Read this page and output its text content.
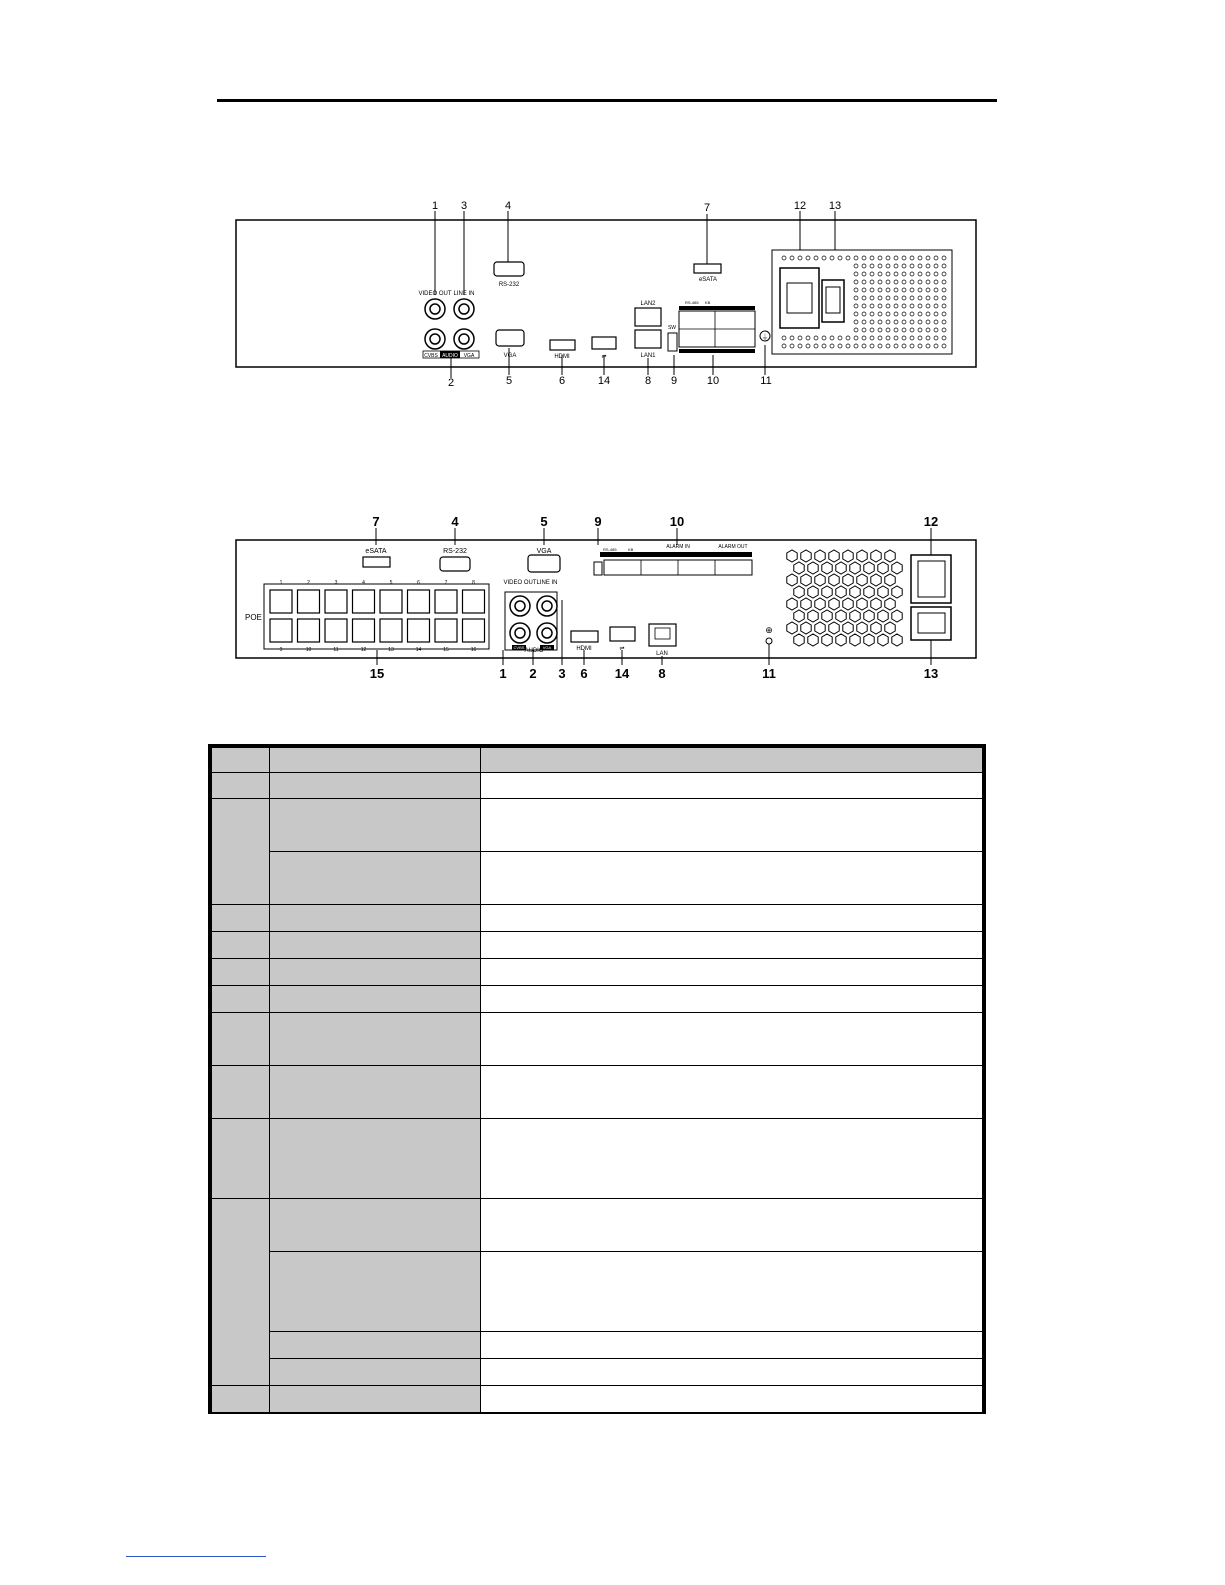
1 3	4	7	12 13
2	5	6	14	8 9	10	11
VIDEO OUT LINE IN
CVBS AUDIO VGA
RS-232
VGA	HDMI	⇌
eSATA
LAN2
LAN1
SW
RS-485 KB
⏚
7	4	5	9	10	12
15	1 2 3 6 14 8	11	13
eSATA	RS-232	VGA
POE
1	2	3	4	5	6	7	8
9	10	11	12	13	14	15	16
VIDEO OUT LINE IN
CVBS	VGA
AUDIO	HDMI	⇌
LAN
RS-485	KB	ALARM IN	ALARM OUT
⊕
